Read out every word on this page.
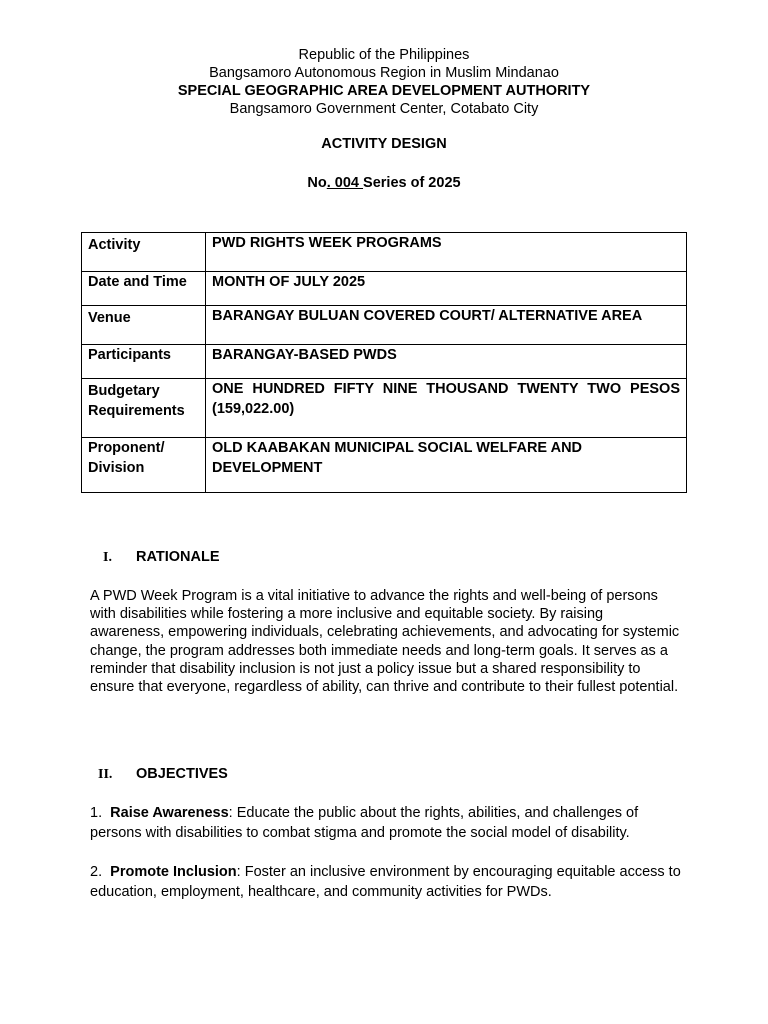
Republic of the Philippines
Bangsamoro Autonomous Region in Muslim Mindanao
SPECIAL GEOGRAPHIC AREA DEVELOPMENT AUTHORITY
Bangsamoro Government Center, Cotabato City
ACTIVITY DESIGN
No. 004 Series of 2025
Activity	PWD RIGHTS WEEK PROGRAMS
Date and Time	MONTH OF JULY 2025
Venue	BARANGAY BULUAN COVERED COURT/ ALTERNATIVE AREA
Participants	BARANGAY-BASED PWDS
Budgetary Requirements	ONE HUNDRED FIFTY NINE THOUSAND TWENTY TWO PESOS (159,022.00)
Proponent/ Division	OLD KAABAKAN MUNICIPAL SOCIAL WELFARE AND DEVELOPMENT
I. RATIONALE
A PWD Week Program is a vital initiative to advance the rights and well-being of persons with disabilities while fostering a more inclusive and equitable society. By raising awareness, empowering individuals, celebrating achievements, and advocating for systemic change, the program addresses both immediate needs and long-term goals. It serves as a reminder that disability inclusion is not just a policy issue but a shared responsibility to ensure that everyone, regardless of ability, can thrive and contribute to their fullest potential.
II. OBJECTIVES
1. Raise Awareness: Educate the public about the rights, abilities, and challenges of persons with disabilities to combat stigma and promote the social model of disability.
2. Promote Inclusion: Foster an inclusive environment by encouraging equitable access to education, employment, healthcare, and community activities for PWDs.
